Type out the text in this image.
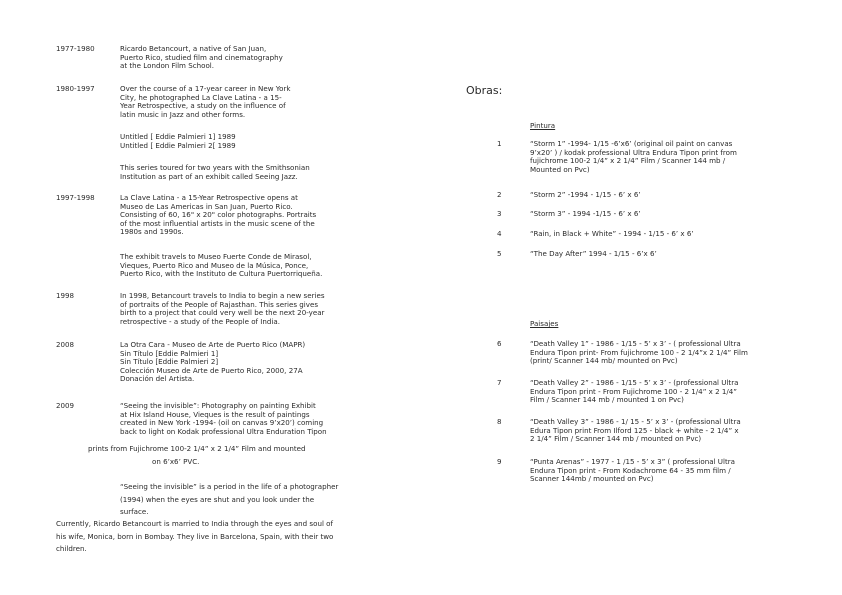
1977-1980	Ricardo Betancourt, a native of San Juan,
Puerto Rico, studied film and cinematography
at the London Film School.
1980-1997	Over the course of a 17-year career in New York
City, he photographed La Clave Latina - a 15-
Year Retrospective, a study on the influence of
latin music in Jazz and other forms.
Untitled [ Eddie Palmieri 1] 1989
Untitled [ Eddie Palmieri 2[ 1989
This series toured for two years with the Smithsonian
Institution as part of an exhibit called Seeing Jazz.
1997-1998	La Clave Latina - a 15-Year Retrospective opens at
Museo de Las Americas in San Juan, Puerto Rico.
Consisting of 60, 16" x 20" color photographs. Portraits
of the most influential artists in the music scene of the
1980s and 1990s.
The exhibit travels to Museo Fuerte Conde de Mirasol,
Vieques, Puerto Rico and Museo de la Música, Ponce,
Puerto Rico, with the Instituto de Cultura Puertorriqueña.
1998	In 1998, Betancourt travels to India to begin a new series
of portraits of the People of Rajasthan. This series gives
birth to a project that could very well be the next 20-year
retrospective - a study of the People of India.
2008	La Otra Cara - Museo de Arte de Puerto Rico (MAPR)
Sin Título [Eddie Palmieri 1]
Sin Título [Eddie Palmieri 2]
Colección Museo de Arte de Puerto Rico, 2000, 27A
Donación del Artista.
2009	“Seeing the invisible”: Photography on painting Exhibit
at Hix Island House, Vieques is the result of paintings
created in New York -1994- (oil on canvas 9’x20’) coming
back to light on Kodak professional Ultra Enduration Tipon
prints from Fujichrome 100-2 1/4” x 2 1/4” Film and mounted
on 6’x6’ PVC.
“Seeing the invisible” is a period in the life of a photographer
(1994) when the eyes are shut and you look under the
surface.
Currently, Ricardo Betancourt is married to India through the eyes and soul of
his wife, Monica, born in Bombay. They live in Barcelona, Spain, with their two
children.
Obras:
Pintura
1	“Storm 1” -1994- 1/15 -6’x6’ (original oil paint on canvas
9’x20’ ) / kodak professional Ultra Endura Tipon print from
fujichrome 100-2 1/4” x 2 1/4” Film / Scanner 144 mb /
Mounted on Pvc)
2	“Storm 2” -1994 - 1/15 - 6’ x 6’
3	“Storm 3” - 1994 -1/15 - 6’ x 6’
4	“Rain, in Black + White” - 1994 - 1/15 - 6’ x 6’
5	“The Day After” 1994 - 1/15 - 6’x 6’
Paisajes
6	“Death Valley 1” - 1986 - 1/15 - 5’ x 3’ - ( professional Ultra
Endura Tipon print- From fujichrome 100 - 2 1/4”x 2 1/4” Film
(print/ Scanner 144 mb/ mounted on Pvc)
7	“Death Valley 2” - 1986 - 1/15 - 5’ x 3’ - (professional Ultra
Endura Tipon print - From Fujichrome 100 - 2 1/4” x 2 1/4”
Film / Scanner 144 mb / mounted 1 on Pvc)
8	“Death Valley 3” - 1986 - 1/ 15 - 5’ x 3’ - (professional Ultra
Edura Tipon print From Ilford 125 - black + white - 2 1/4” x
2 1/4” Film / Scanner 144 mb / mounted on Pvc)
9	“Punta Arenas” - 1977 - 1 /15 - 5’ x 3” ( professional Ultra
Endura Tipon print - From Kodachrome 64 - 35 mm film /
Scanner 144mb / mounted on Pvc)
